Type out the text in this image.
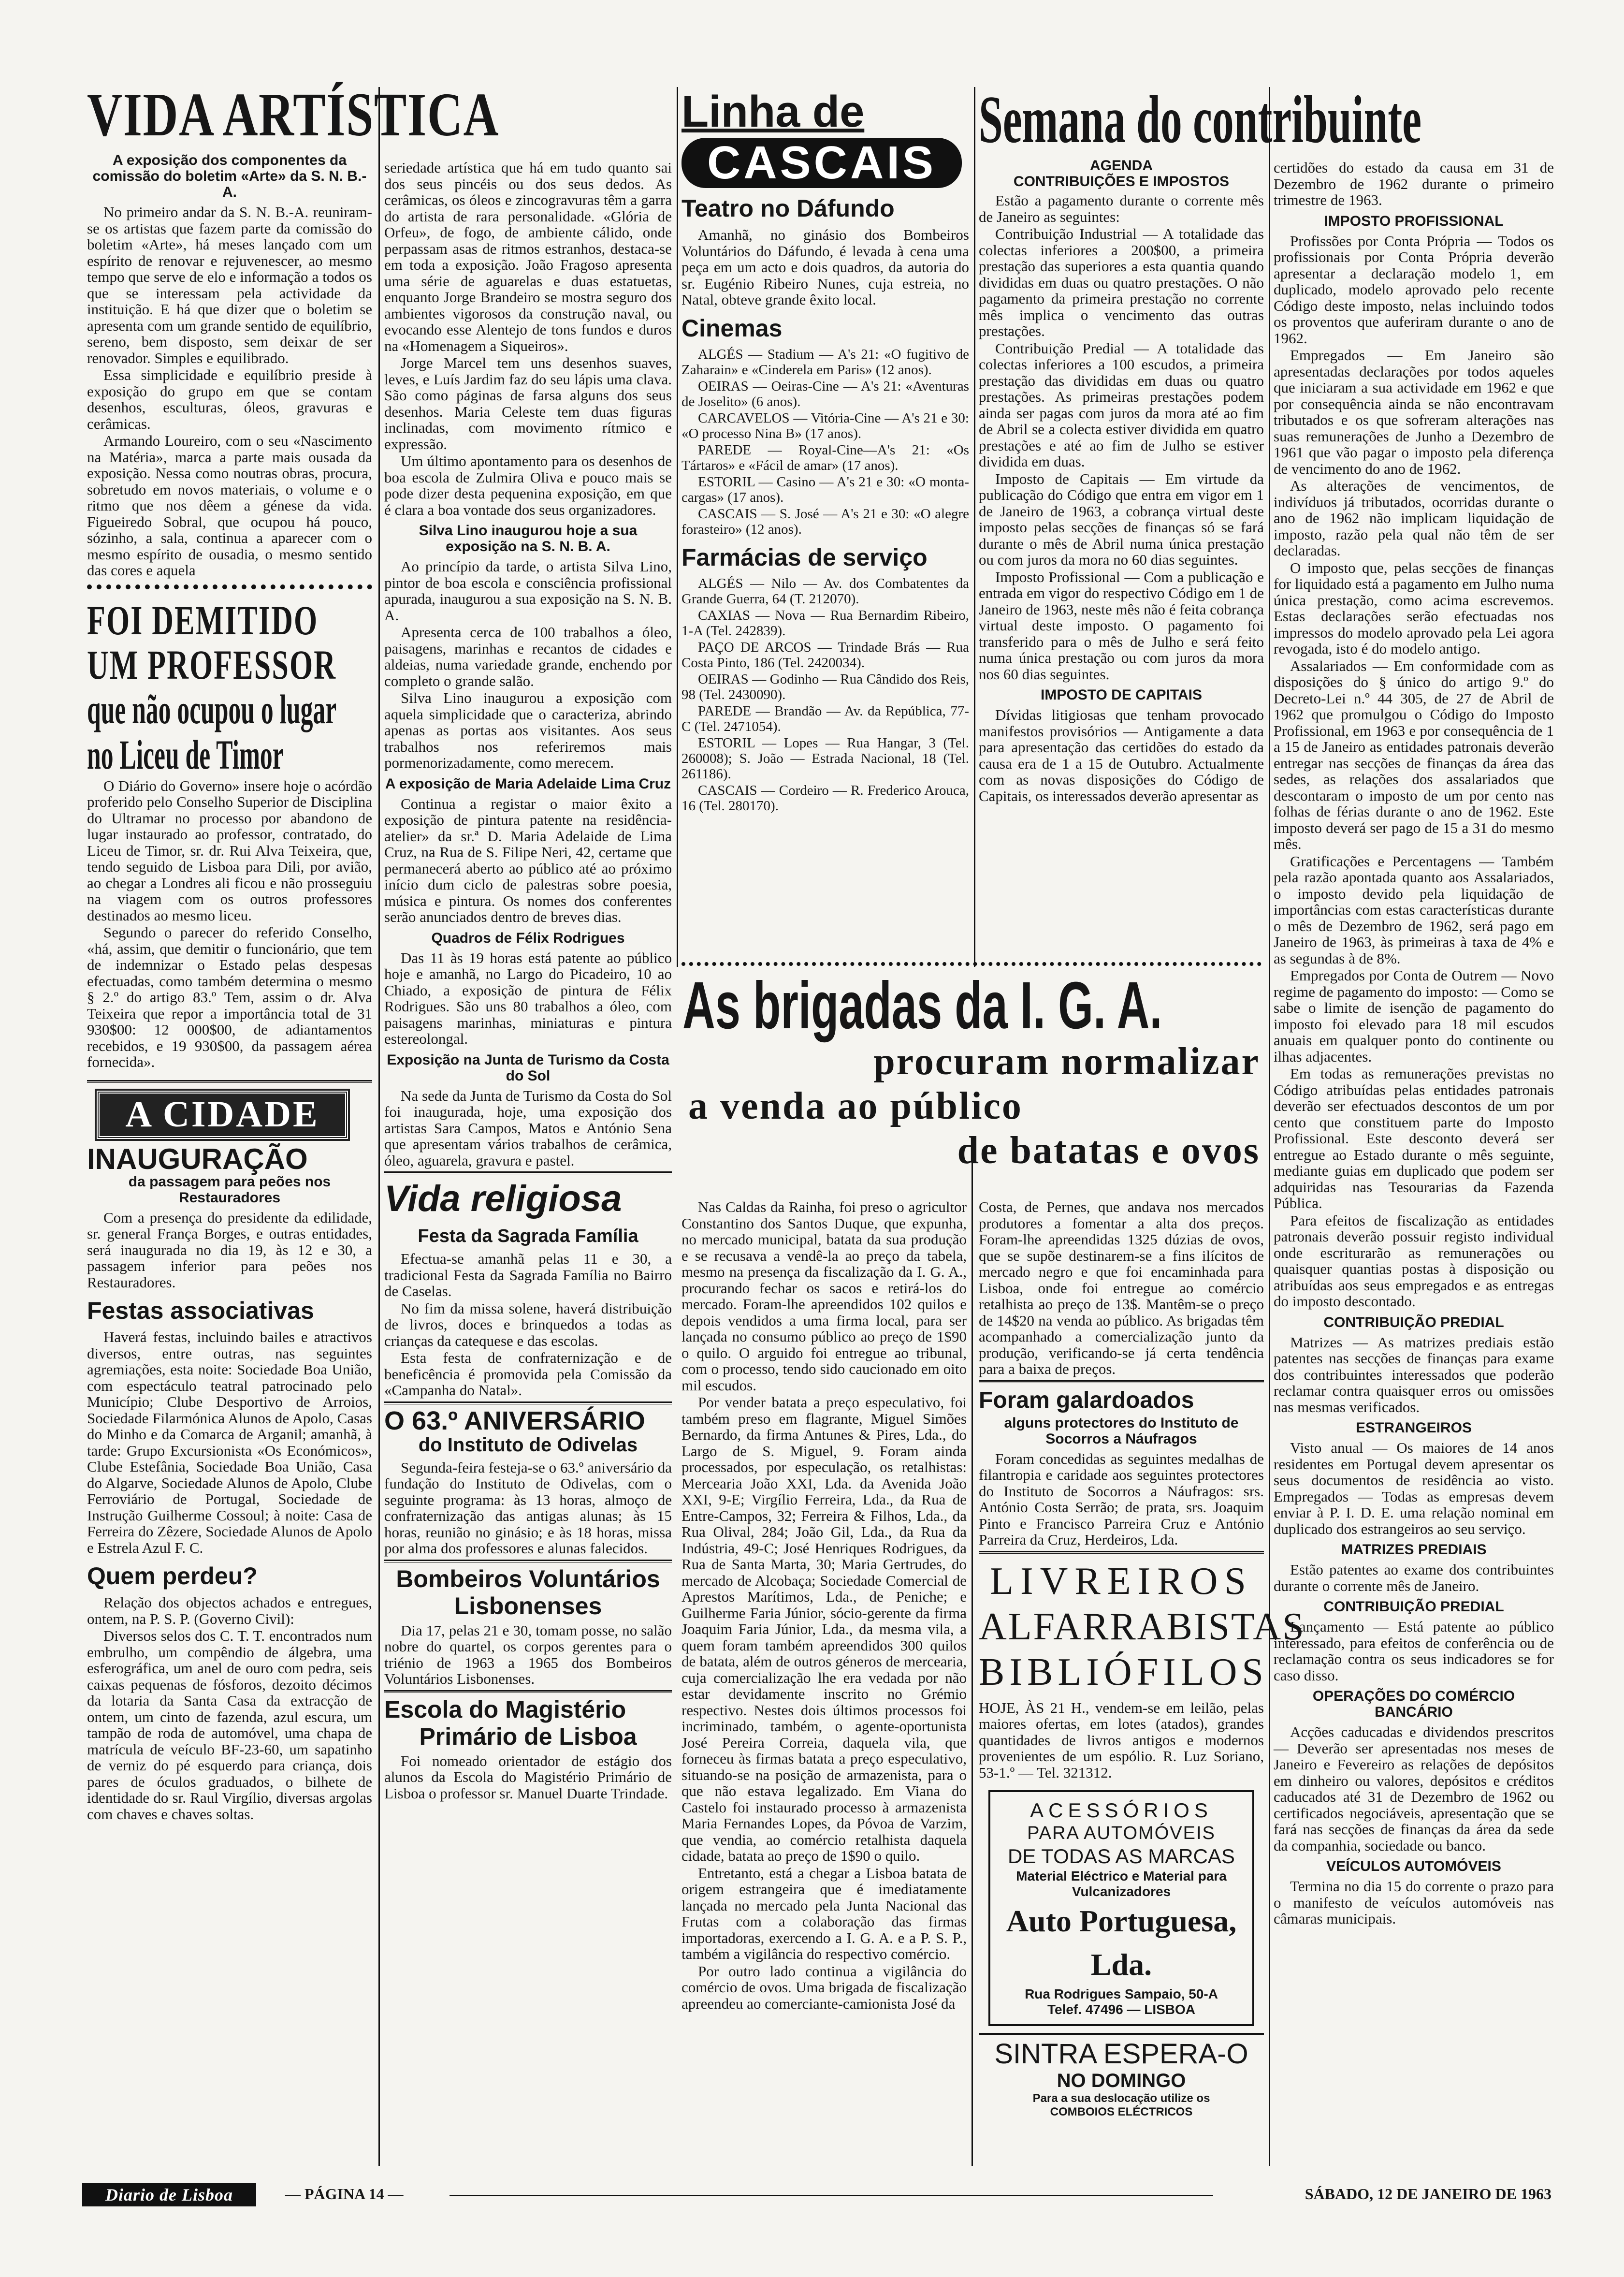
VIDA ARTÍSTICA
A exposição dos componentes da comissão do boletim «Arte» da S. N. B.-A.

No primeiro andar da S. N. B.-A. reuniram-se os artistas que fazem parte da comissão do boletim «Arte», há meses lançado com um espírito de renovar e rejuvenescer, ao mesmo tempo que serve de elo e informação a todos os que se interessam pela actividade da instituição. E há que dizer que o boletim se apresenta com um grande sentido de equilíbrio, sereno, bem disposto, sem deixar de ser renovador. Simples e equilibrado.

Essa simplicidade e equilíbrio preside à exposição do grupo em que se contam desenhos, esculturas, óleos, gravuras e cerâmicas.

Armando Loureiro, com o seu «Nascimento na Matéria», marca a parte mais ousada da exposição. Nessa como noutras obras, procura, sobretudo em novos materiais, o volume e o ritmo que nos dêem a génese da vida. Figueiredo Sobral, que ocupou há pouco, sózinho, a sala, continua a aparecer com o mesmo espírito de ousadia, o mesmo sentido das cores e aquela

FOI DEMITIDO
UM PROFESSOR
que não ocupou o lugar
no Liceu de Timor

O Diário do Governo» insere hoje o acórdão proferido pelo Conselho Superior de Disciplina do Ultramar no processo por abandono de lugar instaurado ao professor, contratado, do Liceu de Timor, sr. dr. Rui Alva Teixeira, que, tendo seguido de Lisboa para Dili, por avião, ao chegar a Londres ali ficou e não prosseguiu na viagem com os outros professores destinados ao mesmo liceu.

Segundo o parecer do referido Conselho, «há, assim, que demitir o funcionário, que tem de indemnizar o Estado pelas despesas efectuadas, como também determina o mesmo § 2.º do artigo 83.º Tem, assim o dr. Alva Teixeira que repor a importância total de 31 930$00: 12 000$00, de adiantamentos recebidos, e 19 930$00, da passagem aérea fornecida».

A CIDADE
INAUGURAÇÃO
da passagem para peões nos Restauradores

Com a presença do presidente da edilidade, sr. general França Borges, e outras entidades, será inaugurada no dia 19, às 12 e 30, a passagem inferior para peões nos Restauradores.

Festas associativas

Haverá festas, incluindo bailes e atractivos diversos, entre outras, nas seguintes agremiações, esta noite: Sociedade Boa União, com espectáculo teatral patrocinado pelo Município; Clube Desportivo de Arroios, Sociedade Filarmónica Alunos de Apolo, Casas do Minho e da Comarca de Arganil; amanhã, à tarde: Grupo Excursionista «Os Económicos», Clube Estefânia, Sociedade Boa União, Casa do Algarve, Sociedade Alunos de Apolo, Clube Ferroviário de Portugal, Sociedade de Instrução Guilherme Cossoul; à noite: Casa de Ferreira do Zêzere, Sociedade Alunos de Apolo e Estrela Azul F. C.

Quem perdeu?

Relação dos objectos achados e entregues, ontem, na P. S. P. (Governo Civil):

Diversos selos dos C. T. T. encontrados num embrulho, um compêndio de álgebra, uma esferográfica, um anel de ouro com pedra, seis caixas pequenas de fósforos, dezoito décimos da lotaria da Santa Casa da extracção de ontem, um cinto de fazenda, azul escura, um tampão de roda de automóvel, uma chapa de matrícula de veículo BF-23-60, um sapatinho de verniz do pé esquerdo para criança, dois pares de óculos graduados, o bilhete de identidade do sr. Raul Virgílio, diversas argolas com chaves e chaves soltas.

seriedade artística que há em tudo quanto sai dos seus pincéis ou dos seus dedos. As cerâmicas, os óleos e zincogravuras têm a garra do artista de rara personalidade. «Glória de Orfeu», de fogo, de ambiente cálido, onde perpassam asas de ritmos estranhos, destaca-se em toda a exposição. João Fragoso apresenta uma série de aguarelas e duas estatuetas, enquanto Jorge Brandeiro se mostra seguro dos ambientes vigorosos da construção naval, ou evocando esse Alentejo de tons fundos e duros na «Homenagem a Siqueiros».

Jorge Marcel tem uns desenhos suaves, leves, e Luís Jardim faz do seu lápis uma clava. São como páginas de farsa alguns dos seus desenhos. Maria Celeste tem duas figuras inclinadas, com movimento rítmico e expressão.

Um último apontamento para os desenhos de boa escola de Zulmira Oliva e pouco mais se pode dizer desta pequenina exposição, em que é clara a boa vontade dos seus organizadores.

Silva Lino inaugurou hoje a sua exposição na S. N. B. A.

Ao princípio da tarde, o artista Silva Lino, pintor de boa escola e consciência profissional apurada, inaugurou a sua exposição na S. N. B. A.

Apresenta cerca de 100 trabalhos a óleo, paisagens, marinhas e recantos de cidades e aldeias, numa variedade grande, enchendo por completo o grande salão.

Silva Lino inaugurou a exposição com aquela simplicidade que o caracteriza, abrindo apenas as portas aos visitantes. Aos seus trabalhos nos referiremos mais pormenorizadamente, como merecem.

A exposição de Maria Adelaide Lima Cruz

Continua a registar o maior êxito a exposição de pintura patente na residência-atelier» da sr.ª D. Maria Adelaide de Lima Cruz, na Rua de S. Filipe Neri, 42, certame que permanecerá aberto ao público até ao próximo início dum ciclo de palestras sobre poesia, música e pintura. Os nomes dos conferentes serão anunciados dentro de breves dias.

Quadros de Félix Rodrigues

Das 11 às 19 horas está patente ao público hoje e amanhã, no Largo do Picadeiro, 10 ao Chiado, a exposição de pintura de Félix Rodrigues. São uns 80 trabalhos a óleo, com paisagens marinhas, miniaturas e pintura estereolongal.

Exposição na Junta de Turismo da Costa do Sol

Na sede da Junta de Turismo da Costa do Sol foi inaugurada, hoje, uma exposição dos artistas Sara Campos, Matos e António Sena que apresentam vários trabalhos de cerâmica, óleo, aguarela, gravura e pastel.

Vida religiosa
Festa da Sagrada Família

Efectua-se amanhã pelas 11 e 30, a tradicional Festa da Sagrada Família no Bairro de Caselas.

No fim da missa solene, haverá distribuição de livros, doces e brinquedos a todas as crianças da catequese e das escolas.

Esta festa de confraternização e de beneficência é promovida pela Comissão da «Campanha do Natal».

O 63.º ANIVERSÁRIO
do Instituto de Odivelas

Segunda-feira festeja-se o 63.º aniversário da fundação do Instituto de Odivelas, com o seguinte programa: às 13 horas, almoço de confraternização das antigas alunas; às 15 horas, reunião no ginásio; e às 18 horas, missa por alma dos professores e alunas falecidos.

Bombeiros Voluntários
Lisbonenses

Dia 17, pelas 21 e 30, tomam posse, no salão nobre do quartel, os corpos gerentes para o triénio de 1963 a 1965 dos Bombeiros Voluntários Lisbonenses.

Escola do Magistério
Primário de Lisboa

Foi nomeado orientador de estágio dos alunos da Escola do Magistério Primário de Lisboa o professor sr. Manuel Duarte Trindade.

Linha de
CASCAIS
Teatro no Dáfundo

Amanhã, no ginásio dos Bombeiros Voluntários do Dáfundo, é levada à cena uma peça em um acto e dois quadros, da autoria do sr. Eugénio Ribeiro Nunes, cuja estreia, no Natal, obteve grande êxito local.

Cinemas

ALGÉS — Stadium — A's 21: «O fugitivo de Zaharain» e «Cinderela em Paris» (12 anos).

OEIRAS — Oeiras-Cine — A's 21: «Aventuras de Joselito» (6 anos).

CARCAVELOS — Vitória-Cine — A's 21 e 30: «O processo Nina B» (17 anos).

PAREDE — Royal-Cine—A's 21: «Os Tártaros» e «Fácil de amar» (17 anos).

ESTORIL — Casino — A's 21 e 30: «O monta-cargas» (17 anos).

CASCAIS — S. José — A's 21 e 30: «O alegre forasteiro» (12 anos).

Farmácias de serviço

ALGÉS — Nilo — Av. dos Combatentes da Grande Guerra, 64 (T. 212070).

CAXIAS — Nova — Rua Bernardim Ribeiro, 1-A (Tel. 242839).

PAÇO DE ARCOS — Trindade Brás — Rua Costa Pinto, 186 (Tel. 2420034).

OEIRAS — Godinho — Rua Cândido dos Reis, 98 (Tel. 2430090).

PAREDE — Brandão — Av. da República, 77-C (Tel. 2471054).

ESTORIL — Lopes — Rua Hangar, 3 (Tel. 260008); S. João — Estrada Nacional, 18 (Tel. 261186).

CASCAIS — Cordeiro — R. Frederico Arouca, 16 (Tel. 280170).

Semana do contribuinte
AGENDA
CONTRIBUIÇÕES E IMPOSTOS

Estão a pagamento durante o corrente mês de Janeiro as seguintes:

Contribuição Industrial — A totalidade das colectas inferiores a 200$00, a primeira prestação das superiores a esta quantia quando divididas em duas ou quatro prestações. O não pagamento da primeira prestação no corrente mês implica o vencimento das outras prestações.

Contribuição Predial — A totalidade das colectas inferiores a 100 escudos, a primeira prestação das divididas em duas ou quatro prestações. As primeiras prestações podem ainda ser pagas com juros da mora até ao fim de Abril se a colecta estiver dividida em quatro prestações e até ao fim de Julho se estiver dividida em duas.

Imposto de Capitais — Em virtude da publicação do Código que entra em vigor em 1 de Janeiro de 1963, a cobrança virtual deste imposto pelas secções de finanças só se fará durante o mês de Abril numa única prestação ou com juros da mora no 60 dias seguintes.

Imposto Profissional — Com a publicação e entrada em vigor do respectivo Código em 1 de Janeiro de 1963, neste mês não é feita cobrança virtual deste imposto. O pagamento foi transferido para o mês de Julho e será feito numa única prestação ou com juros da mora nos 60 dias seguintes.

IMPOSTO DE CAPITAIS

Dívidas litigiosas que tenham provocado manifestos provisórios — Antigamente a data para apresentação das certidões do estado da causa era de 1 a 15 de Outubro. Actualmente com as novas disposições do Código de Capitais, os interessados deverão apresentar as

certidões do estado da causa em 31 de Dezembro de 1962 durante o primeiro trimestre de 1963.

IMPOSTO PROFISSIONAL

Profissões por Conta Própria — Todos os profissionais por Conta Própria deverão apresentar a declaração modelo 1, em duplicado, modelo aprovado pelo recente Código deste imposto, nelas incluindo todos os proventos que auferiram durante o ano de 1962.

Empregados — Em Janeiro são apresentadas declarações por todos aqueles que iniciaram a sua actividade em 1962 e que por consequência ainda se não encontravam tributados e os que sofreram alterações nas suas remunerações de Junho a Dezembro de 1961 que vão pagar o imposto pela diferença de vencimento do ano de 1962.

As alterações de vencimentos, de indivíduos já tributados, ocorridas durante o ano de 1962 não implicam liquidação de imposto, razão pela qual não têm de ser declaradas.

O imposto que, pelas secções de finanças for liquidado está a pagamento em Julho numa única prestação, como acima escrevemos. Estas declarações serão efectuadas nos impressos do modelo aprovado pela Lei agora revogada, isto é do modelo antigo.

Assalariados — Em conformidade com as disposições do § único do artigo 9.º do Decreto-Lei n.º 44 305, de 27 de Abril de 1962 que promulgou o Código do Imposto Profissional, em 1963 e por consequência de 1 a 15 de Janeiro as entidades patronais deverão entregar nas secções de finanças da área das sedes, as relações dos assalariados que descontaram o imposto de um por cento nas folhas de férias durante o ano de 1962. Este imposto deverá ser pago de 15 a 31 do mesmo mês.

Gratificações e Percentagens — Também pela razão apontada quanto aos Assalariados, o imposto devido pela liquidação de importâncias com estas características durante o mês de Dezembro de 1962, será pago em Janeiro de 1963, às primeiras à taxa de 4% e as segundas à de 8%.

Empregados por Conta de Outrem — Novo regime de pagamento do imposto: — Como se sabe o limite de isenção de pagamento do imposto foi elevado para 18 mil escudos anuais em qualquer ponto do continente ou ilhas adjacentes.

Em todas as remunerações previstas no Código atribuídas pelas entidades patronais deverão ser efectuados descontos de um por cento que constituem parte do Imposto Profissional. Este desconto deverá ser entregue ao Estado durante o mês seguinte, mediante guias em duplicado que podem ser adquiridas nas Tesourarias da Fazenda Pública.

Para efeitos de fiscalização as entidades patronais deverão possuir registo individual onde escriturarão as remunerações ou quaisquer quantias postas à disposição ou atribuídas aos seus empregados e as entregas do imposto descontado.

CONTRIBUIÇÃO PREDIAL

Matrizes — As matrizes prediais estão patentes nas secções de finanças para exame dos contribuintes interessados que poderão reclamar contra quaisquer erros ou omissões nas mesmas verificados.

ESTRANGEIROS

Visto anual — Os maiores de 14 anos residentes em Portugal devem apresentar os seus documentos de residência ao visto. Empregados — Todas as empresas devem enviar à P. I. D. E. uma relação nominal em duplicado dos estrangeiros ao seu serviço.

MATRIZES PREDIAIS

Estão patentes ao exame dos contribuintes durante o corrente mês de Janeiro.

CONTRIBUIÇÃO PREDIAL

Lançamento — Está patente ao público interessado, para efeitos de conferência ou de reclamação contra os seus indicadores se for caso disso.

OPERAÇÕES DO COMÉRCIO BANCÁRIO

Acções caducadas e dividendos prescritos — Deverão ser apresentadas nos meses de Janeiro e Fevereiro as relações de depósitos em dinheiro ou valores, depósitos e créditos caducados até 31 de Dezembro de 1962 ou certificados negociáveis, apresentação que se fará nas secções de finanças da área da sede da companhia, sociedade ou banco.

VEÍCULOS AUTOMÓVEIS

Termina no dia 15 do corrente o prazo para o manifesto de veículos automóveis nas câmaras municipais.

As brigadas da I. G. A.
procuram normalizar
a venda ao público
de batatas e ovos

Nas Caldas da Rainha, foi preso o agricultor Constantino dos Santos Duque, que expunha, no mercado municipal, batata da sua produção e se recusava a vendê-la ao preço da tabela, mesmo na presença da fiscalização da I. G. A., procurando fechar os sacos e retirá-los do mercado. Foram-lhe apreendidos 102 quilos e depois vendidos a uma firma local, para ser lançada no consumo público ao preço de 1$90 o quilo. O arguido foi entregue ao tribunal, com o processo, tendo sido caucionado em oito mil escudos.

Por vender batata a preço especulativo, foi também preso em flagrante, Miguel Simões Bernardo, da firma Antunes & Pires, Lda., do Largo de S. Miguel, 9. Foram ainda processados, por especulação, os retalhistas: Mercearia João XXI, Lda. da Avenida João XXI, 9-E; Virgílio Ferreira, Lda., da Rua de Entre-Campos, 32; Ferreira & Filhos, Lda., da Rua Olival, 284; João Gil, Lda., da Rua da Indústria, 49-C; José Henriques Rodrigues, da Rua de Santa Marta, 30; Maria Gertrudes, do mercado de Alcobaça; Sociedade Comercial de Aprestos Marítimos, Lda., de Peniche; e Guilherme Faria Júnior, sócio-gerente da firma Joaquim Faria Júnior, Lda., da mesma vila, a quem foram também apreendidos 300 quilos de batata, além de outros géneros de mercearia, cuja comercialização lhe era vedada por não estar devidamente inscrito no Grémio respectivo. Nestes dois últimos processos foi incriminado, também, o agente-oportunista José Pereira Correia, daquela vila, que forneceu às firmas batata a preço especulativo, situando-se na posição de armazenista, para o que não estava legalizado. Em Viana do Castelo foi instaurado processo à armazenista Maria Fernandes Lopes, da Póvoa de Varzim, que vendia, ao comércio retalhista daquela cidade, batata ao preço de 1$90 o quilo.

Entretanto, está a chegar a Lisboa batata de origem estrangeira que é imediatamente lançada no mercado pela Junta Nacional das Frutas com a colaboração das firmas importadoras, exercendo a I. G. A. e a P. S. P., também a vigilância do respectivo comércio.

Por outro lado continua a vigilância do comércio de ovos. Uma brigada de fiscalização apreendeu ao comerciante-camionista José da

Costa, de Pernes, que andava nos mercados produtores a fomentar a alta dos preços. Foram-lhe apreendidas 1325 dúzias de ovos, que se supõe destinarem-se a fins ilícitos de mercado negro e que foi encaminhada para Lisboa, onde foi entregue ao comércio retalhista ao preço de 13$. Mantêm-se o preço de 14$20 na venda ao público. As brigadas têm acompanhado a comercialização junto da produção, verificando-se já certa tendência para a baixa de preços.

Foram galardoados
alguns protectores do Instituto de Socorros a Náufragos

Foram concedidas as seguintes medalhas de filantropia e caridade aos seguintes protectores do Instituto de Socorros a Náufragos: srs. António Costa Serrão; de prata, srs. Joaquim Pinto e Francisco Parreira Cruz e António Parreira da Cruz, Herdeiros, Lda.

LIVREIROS
ALFARRABISTAS
BIBLIÓFILOS

HOJE, ÀS 21 H., vendem-se em leilão, pelas maiores ofertas, em lotes (atados), grandes quantidades de livros antigos e modernos provenientes de um espólio. R. Luz Soriano, 53-1.º — Tel. 321312.

ACESSÓRIOS
PARA AUTOMÓVEIS
DE TODAS AS MARCAS
Material Eléctrico e Material para Vulcanizadores
Auto Portuguesa, Lda.
Rua Rodrigues Sampaio, 50-A
Telef. 47496 — LISBOA
SINTRA ESPERA-O
NO DOMINGO
Para a sua deslocação utilize os
COMBOIOS ELÉCTRICOS
Diario de Lisboa	— PÁGINA 14 —	SÁBADO, 12 DE JANEIRO DE 1963
